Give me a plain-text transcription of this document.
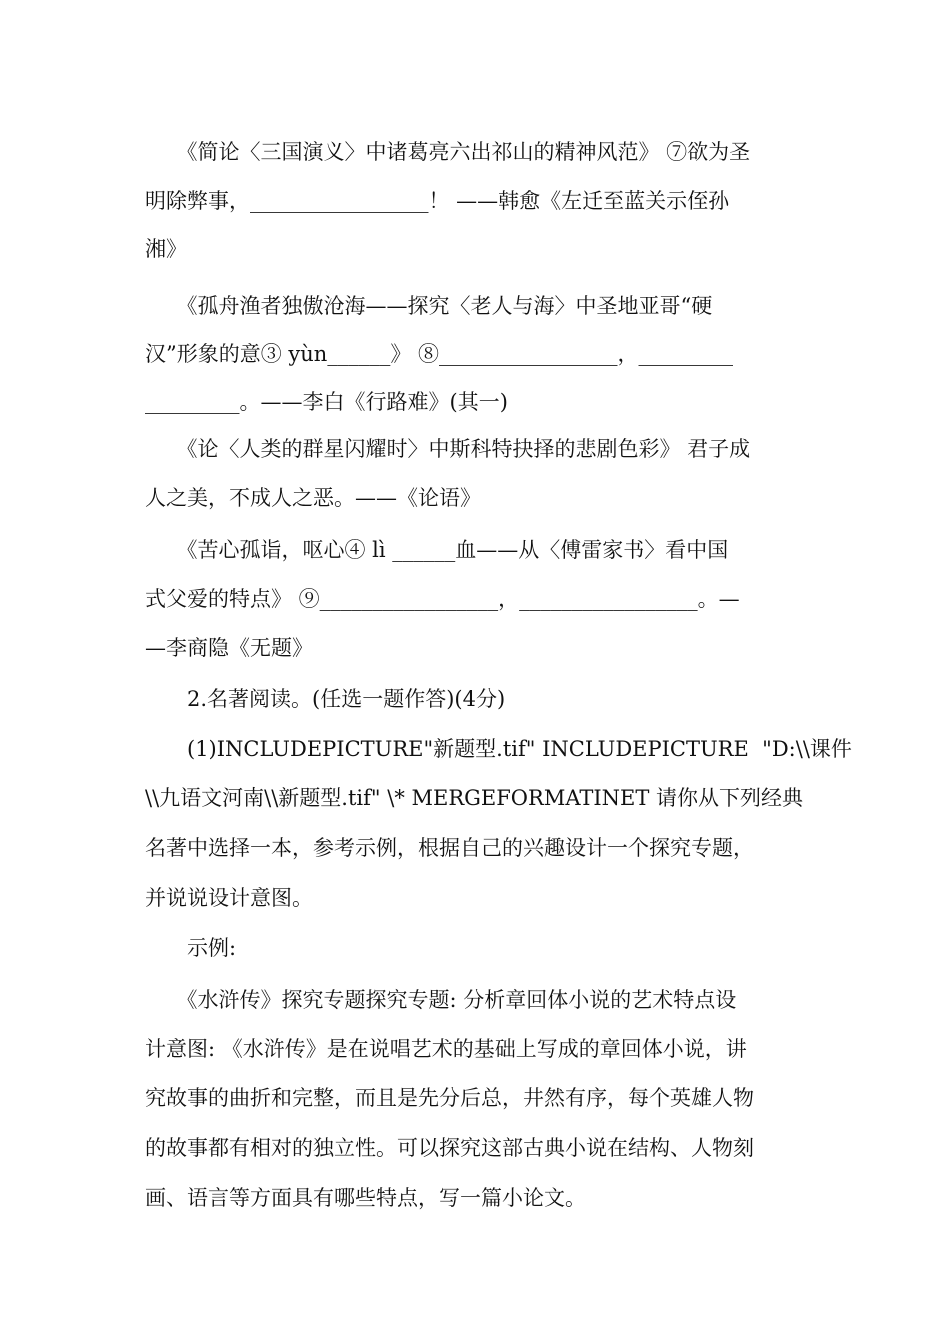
　　《简论〈三国演义〉中诸葛亮六出祁山的精神风范》 ⑦欲为圣

明除弊事，_________________！ ——韩愈《左迁至蓝关示侄孙

湘》

　　《孤舟渔者独傲沧海——探究〈老人与海〉中圣地亚哥“硬

汉”形象的意③ yùn______》 ⑧_________________，_________

_________。——李白《行路难》(其一)

　　《论〈人类的群星闪耀时〉中斯科特抉择的悲剧色彩》 君子成

人之美，不成人之恶。——《论语》

　　《苦心孤诣，呕心④ lì ______血——从〈傅雷家书〉看中国

式父爱的特点》 ⑨_________________，_________________。—

—李商隐《无题》

　　2.名著阅读。(任选一题作答)(4分)

　　(1)INCLUDEPICTURE"新题型.tif" INCLUDEPICTURE  "D:\\课件

\\九语文河南\\新题型.tif" \* MERGEFORMATINET 请你从下列经典

名著中选择一本，参考示例，根据自己的兴趣设计一个探究专题，

并说说设计意图。

　　示例:

　　《水浒传》探究专题探究专题: 分析章回体小说的艺术特点设

计意图: 《水浒传》是在说唱艺术的基础上写成的章回体小说，讲

究故事的曲折和完整，而且是先分后总，井然有序，每个英雄人物

的故事都有相对的独立性。可以探究这部古典小说在结构、人物刻

画、语言等方面具有哪些特点，写一篇小论文。
